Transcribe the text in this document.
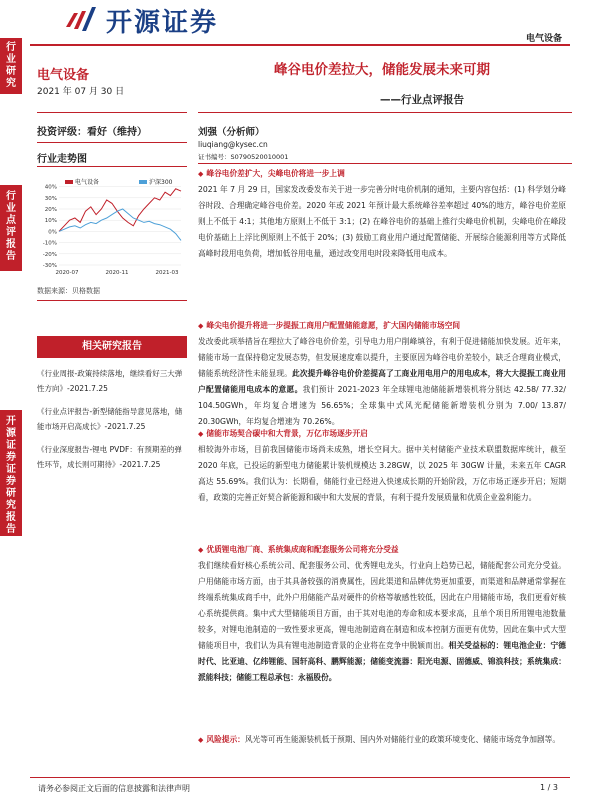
行业研究
行业点评报告
开源证券 证券研究报告
开源证券
电气设备
电气设备
2021 年 07 月 30 日
投资评级：看好（维持）
行业走势图
40%
30%
20%
10%
0%
-10%
-20%
-30%
2020-07	2020-11	2021-03
电气设备	沪深300
数据来源：贝格数据
相关研究报告

《行业周报-政策持续落地，继续看好三大弹性方向》-2021.7.25

《行业点评报告-新型储能指导意见落地，储能市场开启高成长》-2021.7.25

《行业深度报告-锂电 PVDF：有预期差的弹性环节，成长则可期待》-2021.7.25

峰谷电价差拉大，储能发展未来可期
——行业点评报告
刘强（分析师）
liuqiang@kysec.cn
证书编号：S0790520010001

◆ 峰谷电价差扩大，尖峰电价将进一步上调

2021 年 7 月 29 日，国家发改委发布关于进一步完善分时电价机制的通知，主要内容包括：(1) 科学划分峰谷时段、合理确定峰谷电价差。2020 年或 2021 年预计最大系统峰谷差率超过 40%的地方，峰谷电价差原则上不低于 4:1；其他地方原则上不低于 3:1；(2) 在峰谷电价的基础上推行尖峰电价机制，尖峰电价在峰段电价基础上上浮比例原则上不低于 20%；(3) 鼓励工商业用户通过配置储能、开展综合能源利用等方式降低高峰时段用电负荷，增加低谷用电量，通过改变用电时段来降低用电成本。

◆ 峰尖电价提升将进一步提振工商用户配置储能意愿，扩大国内储能市场空间

发改委此项举措旨在理拉大了峰谷电价价差，引导电力用户削峰填谷，有利于促进储能加快发展。近年来，储能市场一直保持稳定发展态势，但发展速度难以提升，主要原因为峰谷电价差较小，缺乏合理商业模式，储能系统经济性未能显现。此次提升峰谷电价价差提高了工商业用电用户的用电成本，将大大提振工商业用户配置储能用电成本的意愿。我们预计 2021-2023 年全球锂电池储能新增装机将分别达 42.58/ 77.32/ 104.50GWh，年均复合增速为 56.65%；全球集中式风光配储能新增装机分别为 7.00/ 13.87/ 20.30GWh，年均复合增速为 70.26%。

◆ 储能市场契合碳中和大背景，万亿市场逐步开启

相较海外市场，目前我国储能市场尚未成熟，增长空间大。据中关村储能产业技术联盟数据库统计，截至 2020 年底，已投运的新型电力储能累计装机规模达 3.28GW，以 2025 年 30GW 计量，未来五年 CAGR 高达 55.69%。我们认为：长期看，储能行业已经进入快速成长期的开始阶段，万亿市场正逐步开启；短期看，政策的完善正好契合新能源和碳中和大发展的背景，有利于提升发展质量和优质企业盈利能力。

◆ 优质锂电池厂商、系统集成商和配套服务公司将充分受益

我们继续看好核心系统公司、配套服务公司、优秀锂电龙头，行业向上趋势已起，储能配套公司充分受益。户用储能市场方面，由于其具备较强的消费属性，因此渠道和品牌优势更加重要，而渠道和品牌通常掌握在终端系统集成商手中，此外户用储能产品对硬件的价格等敏感性较低，因此在户用储能市场，我们更看好核心系统提供商。集中式大型储能项目方面，由于其对电池的寿命和成本要求高，且单个项目所用锂电池数量较多，对锂电池制造的一致性要求更高，锂电池制造商在制造和成本控制方面更有优势，因此在集中式大型储能项目中，我们认为具有锂电池制造背景的企业将在竞争中脱颖而出。相关受益标的：锂电池企业：宁德时代、比亚迪、亿纬锂能、国轩高科、鹏辉能源；储能变流器：阳光电源、固德威、锦浪科技；系统集成：派能科技；储能工程总承包：永福股份。

◆ 风险提示：风光等可再生能源装机低于预期、国内外对储能行业的政策环境变化、储能市场竞争加剧等。

请务必参阅正文后面的信息披露和法律声明	1 / 3
